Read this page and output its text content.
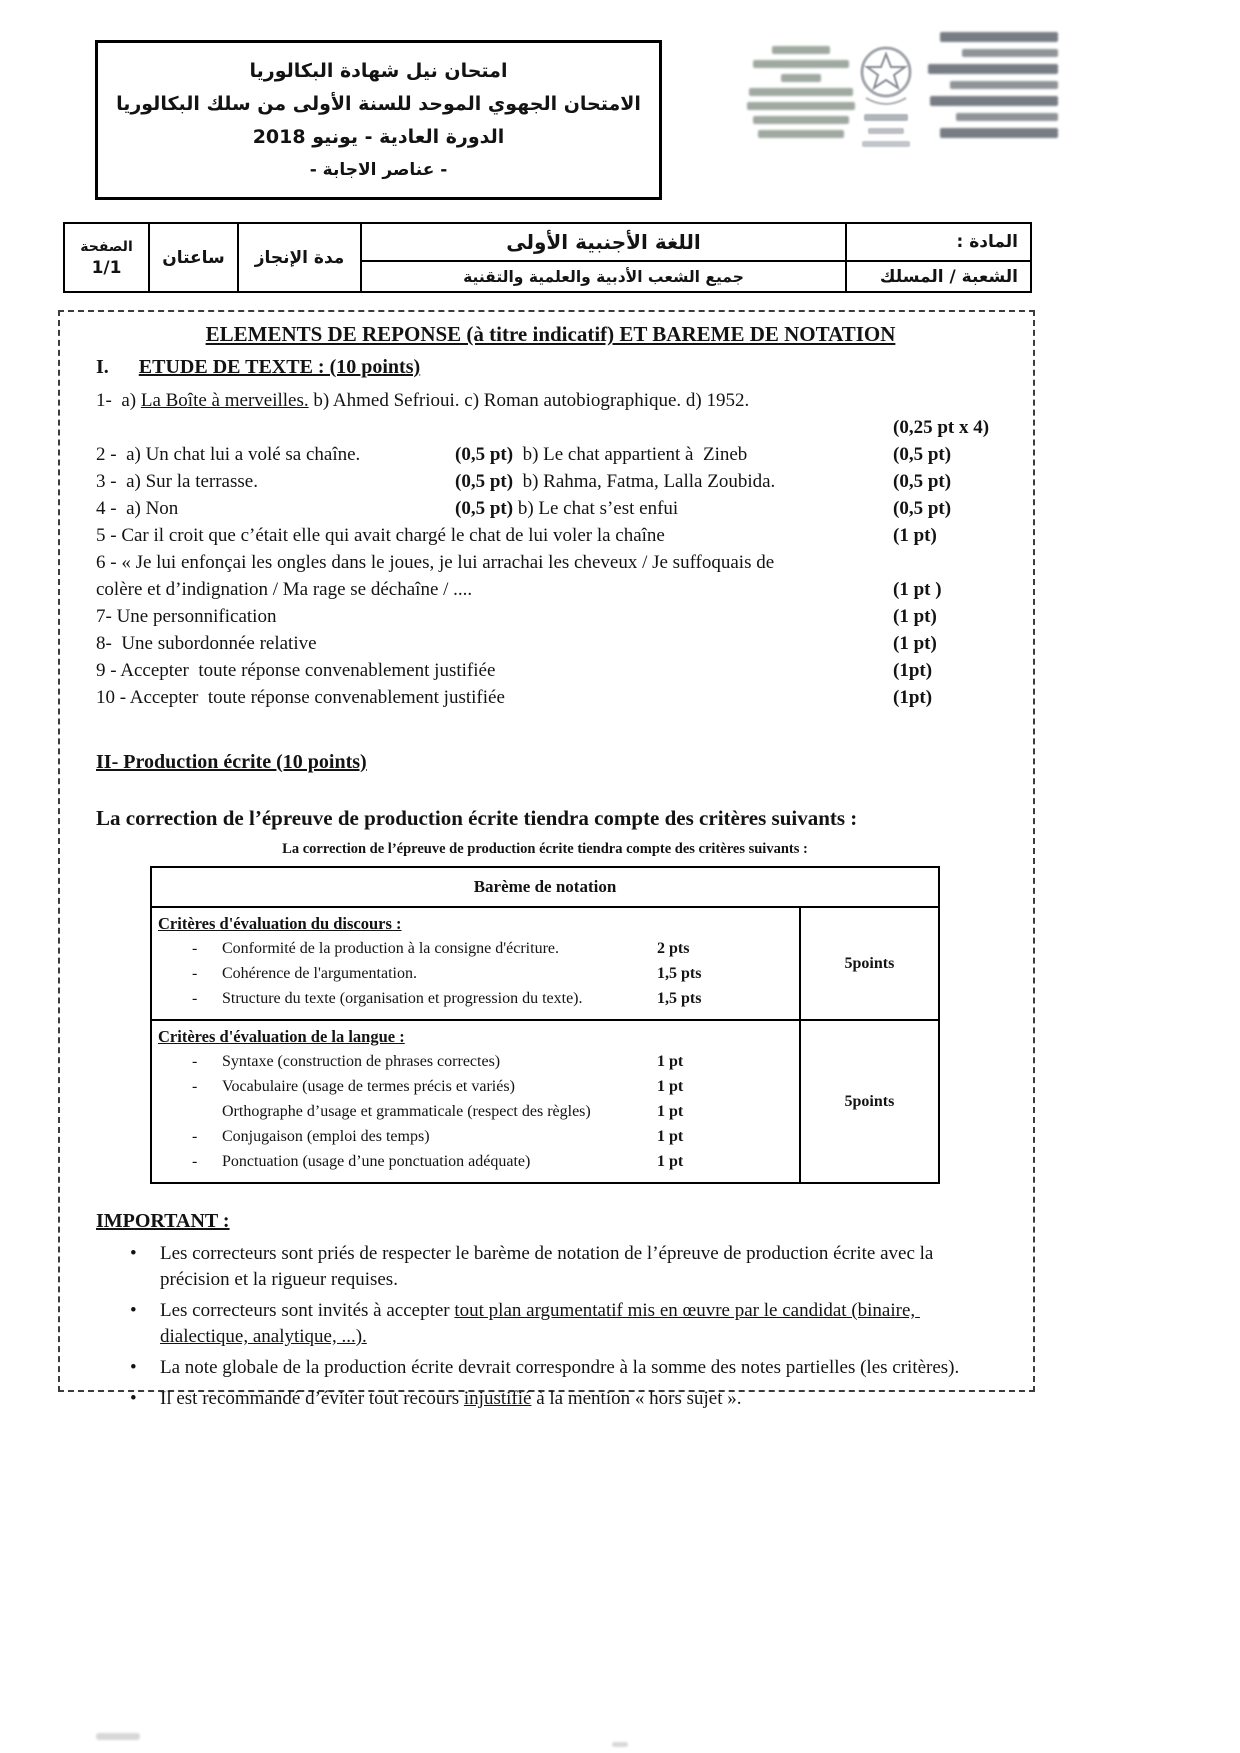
امتحان نيل شهادة البكالوريا
الامتحان الجهوي الموحد للسنة الأولى من سلك البكالوريا
الدورة العادية - يونيو 2018
- عناصر الاجابة -
الصفحة
1/1	ساعتان	مدة الإنجاز	اللغة الأجنبية الأولى	المادة :
			جميع الشعب الأدبية والعلمية والتقنية	الشعبة / المسلك
ELEMENTS DE REPONSE (à titre indicatif) ET BAREME DE NOTATION
I. ETUDE DE TEXTE : (10 points)
1-  a) La Boîte à merveilles. b) Ahmed Sefrioui. c) Roman autobiographique. d) 1952.
(0,25 pt x 4)
2 -  a) Un chat lui a volé sa chaîne.	(0,5 pt)  b) Le chat appartient à  Zineb	(0,5 pt)
3 -  a) Sur la terrasse.	(0,5 pt)  b) Rahma, Fatma, Lalla Zoubida.	(0,5 pt)
4 -  a) Non	(0,5 pt) b) Le chat s’est enfui	(0,5 pt)
5 - Car il croit que c’était elle qui avait chargé le chat de lui voler la chaîne	(1 pt)
6 - « Je lui enfonçai les ongles dans le joues, je lui arrachai les cheveux / Je suffoquais de
colère et d’indignation / Ma rage se déchaîne / ....	(1 pt )
7- Une personnification	(1 pt)
8-  Une subordonnée relative	(1 pt)
9 - Accepter  toute réponse convenablement justifiée	(1pt)
10 - Accepter  toute réponse convenablement justifiée	(1pt)
II- Production écrite (10 points)
La correction de l’épreuve de production écrite tiendra compte des critères suivants :
La correction de l’épreuve de production écrite tiendra compte des critères suivants :
Barème de notation	

Critères d'évaluation du discours :
-	Conformité de la production à la consigne d'écriture.	2 pts
-	Cohérence de l'argumentation.	1,5 pts
-	Structure du texte (organisation et progression du texte).	1,5 pts
	5points

Critères d'évaluation de la langue :
-	Syntaxe (construction de phrases correctes)	1 pt
-	Vocabulaire (usage de termes précis et variés)	1 pt
Orthographe d’usage et grammaticale (respect des règles)	1 pt
-	Conjugaison (emploi des temps)	1 pt
-	Ponctuation (usage d’une ponctuation adéquate)	1 pt
	5points
IMPORTANT :
•	Les correcteurs sont priés de respecter le barème de notation de l’épreuve de production écrite avec la précision et la rigueur requises.
•	Les correcteurs sont invités à accepter tout plan argumentatif mis en œuvre par le candidat (binaire, dialectique, analytique, ...).
•	La note globale de la production écrite devrait correspondre à la somme des notes partielles (les critères).
•	Il est recommandé d’éviter tout recours injustifié à la mention « hors sujet ».
